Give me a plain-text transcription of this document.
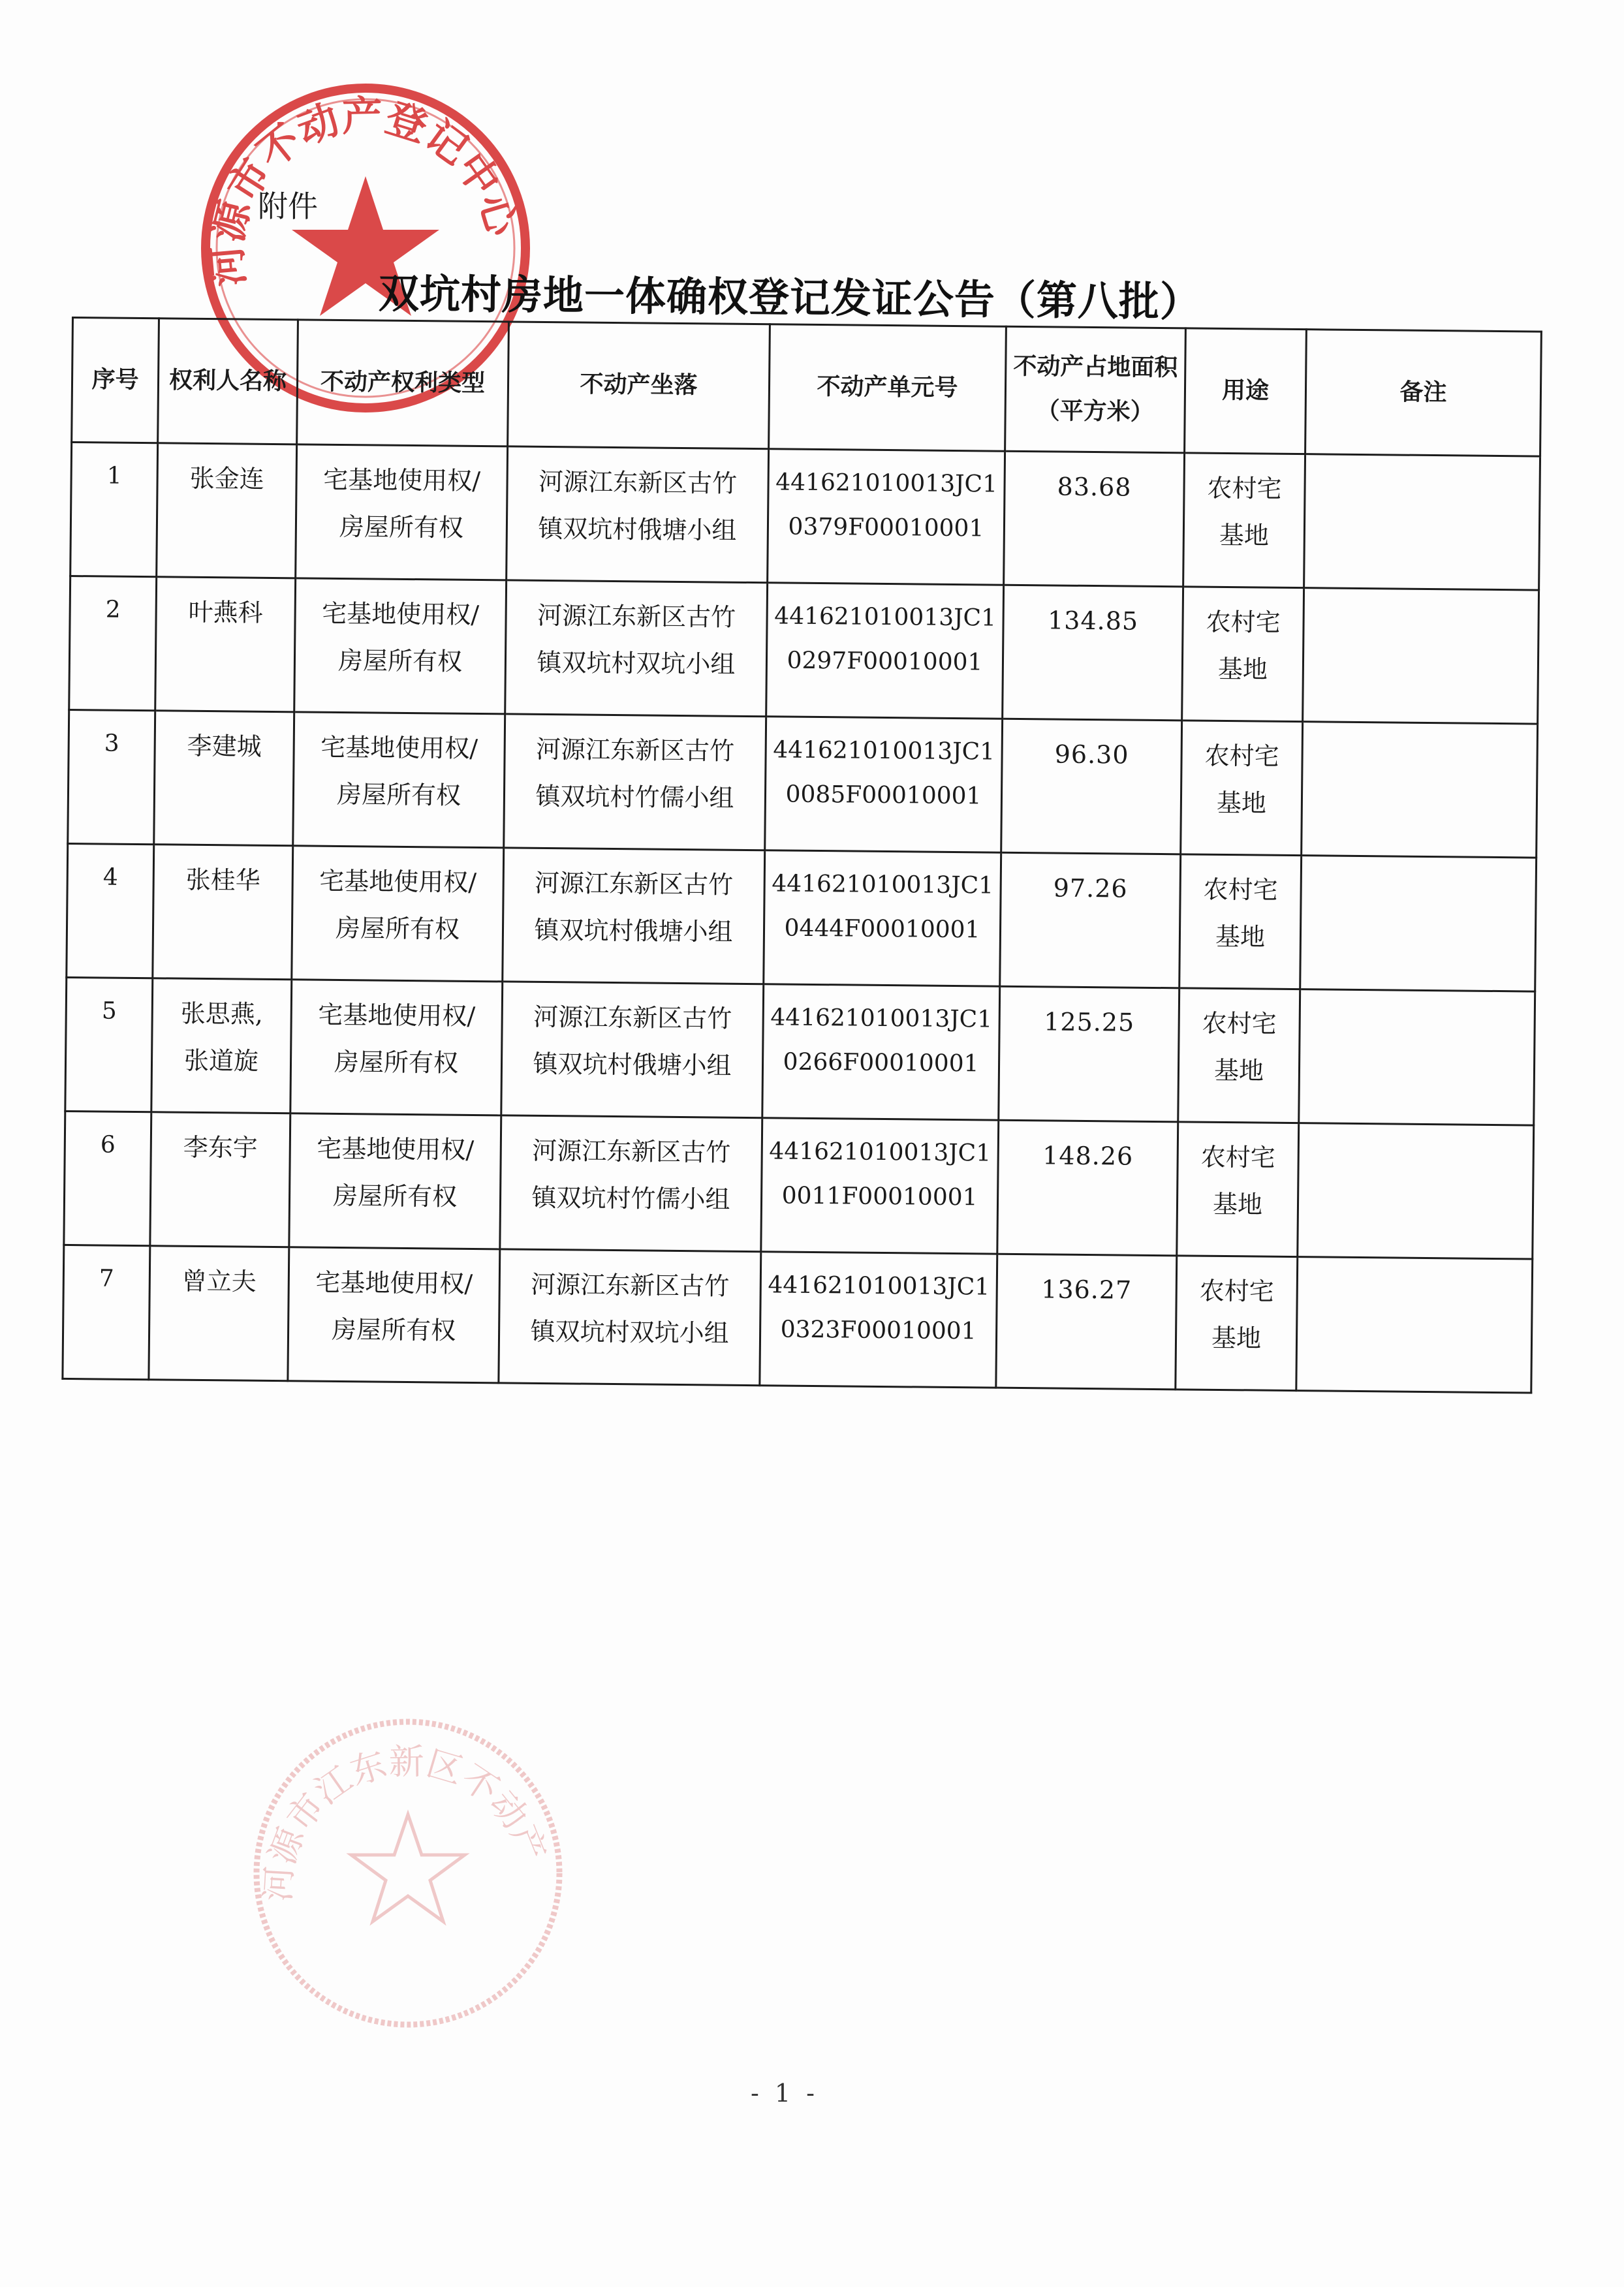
河源市不动产登记中心
河源市江东新区不动产
附件
双坑村房地一体确权登记发证公告（第八批）
序号	权利人名称	不动产权利类型	不动产坐落	不动产单元号

不动产占地面积
（平方米）

用途	备注

1	张金连	宅基地使用权/
房屋所有权

河源江东新区古竹
镇双坑村俄塘小组

441621010013JC1
0379F00010001
	83.68	农村宅
基地

2	叶燕科	宅基地使用权/
房屋所有权

河源江东新区古竹
镇双坑村双坑小组

441621010013JC1
0297F00010001
	134.85	农村宅
基地

3	李建城	宅基地使用权/
房屋所有权

河源江东新区古竹
镇双坑村竹儒小组

441621010013JC1
0085F00010001
	96.30	农村宅
基地

4	张桂华	宅基地使用权/
房屋所有权

河源江东新区古竹
镇双坑村俄塘小组

441621010013JC1
0444F00010001
	97.26	农村宅
基地

5	张思燕,
张道旋

宅基地使用权/
房屋所有权

河源江东新区古竹
镇双坑村俄塘小组

441621010013JC1
0266F00010001
	125.25	农村宅
基地

6	李东宇	宅基地使用权/
房屋所有权

河源江东新区古竹
镇双坑村竹儒小组

441621010013JC1
0011F00010001
	148.26	农村宅
基地

7	曾立夫	宅基地使用权/
房屋所有权

河源江东新区古竹
镇双坑村双坑小组

441621010013JC1
0323F00010001
	136.27	农村宅
基地

- 1 -
